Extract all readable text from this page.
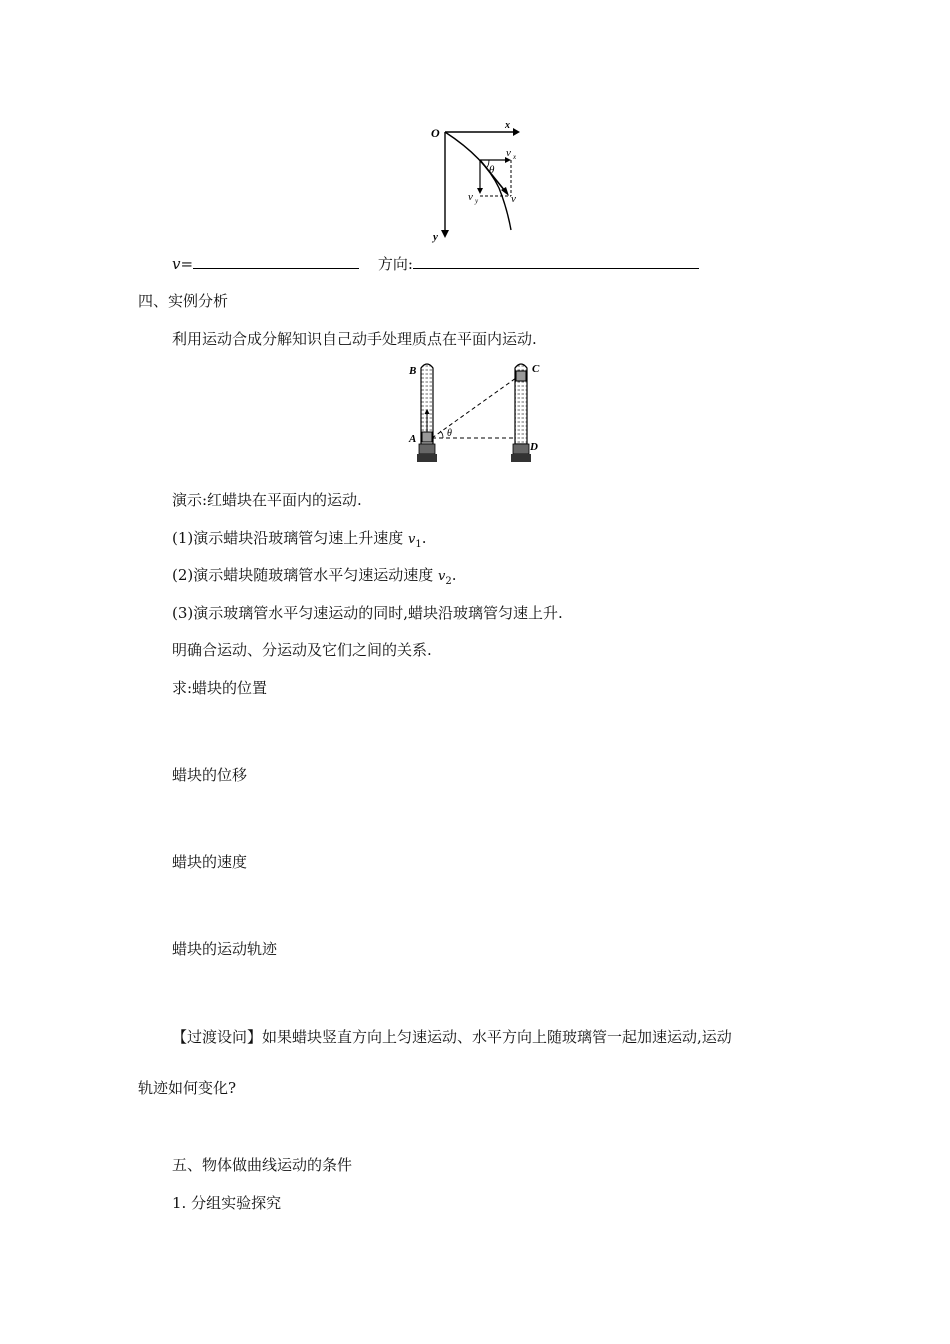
O
x
y
v x
θ
v y	v
v=	方向:
四、实例分析
利用运动合成分解知识自己动手处理质点在平面内运动.
B
A
C
D
θ
演示:红蜡块在平面内的运动.
(1)演示蜡块沿玻璃管匀速上升速度 $v_1$.
(2)演示蜡块随玻璃管水平匀速运动速度 $v_2$.
(3)演示玻璃管水平匀速运动的同时,蜡块沿玻璃管匀速上升.
明确合运动、分运动及它们之间的关系.
求:蜡块的位置
蜡块的位移
蜡块的速度
蜡块的运动轨迹
【过渡设问】如果蜡块竖直方向上匀速运动、水平方向上随玻璃管一起加速运动,运动
轨迹如何变化?
五、物体做曲线运动的条件
1. 分组实验探究
